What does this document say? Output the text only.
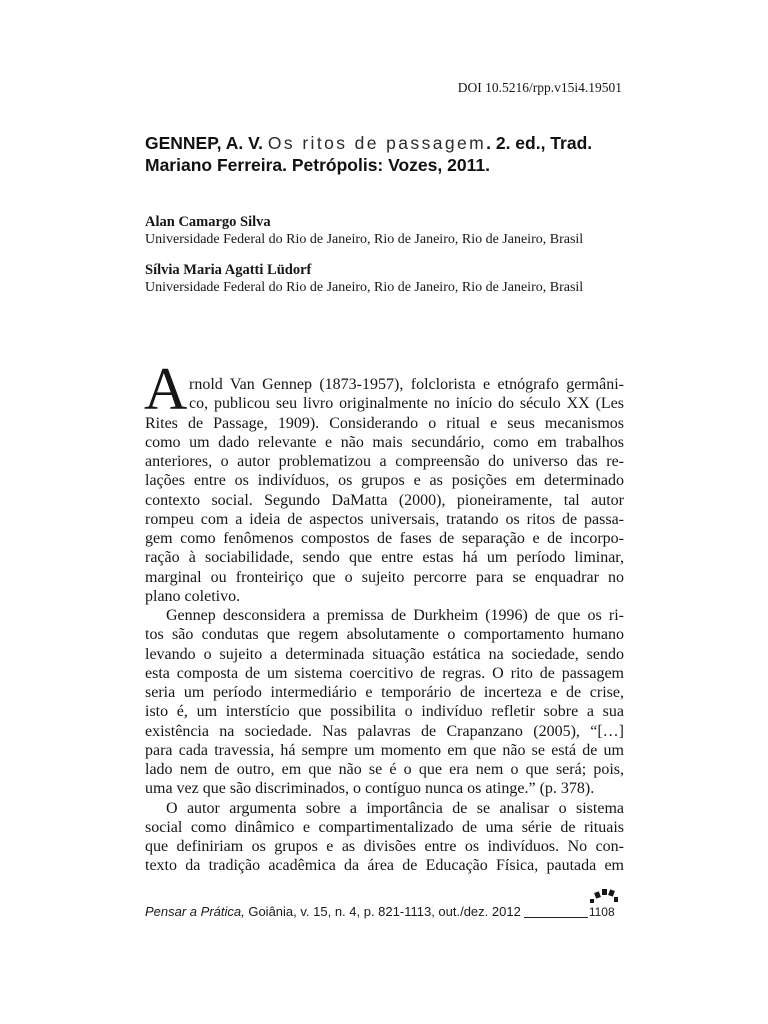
DOI 10.5216/rpp.v15i4.19501
GENNEP, A. V. Os ritos de passagem. 2. ed., Trad.
Mariano Ferreira. Petrópolis: Vozes, 2011.
Alan Camargo Silva
Universidade Federal do Rio de Janeiro, Rio de Janeiro, Rio de Janeiro, Brasil
Sílvia Maria Agatti Lüdorf
Universidade Federal do Rio de Janeiro, Rio de Janeiro, Rio de Janeiro, Brasil
A rnold Van Gennep (1873-1957), folclorista e etnógrafo germâni-
co, publicou seu livro originalmente no início do século XX (Les
Rites de Passage, 1909). Considerando o ritual e seus mecanismos
como um dado relevante e não mais secundário, como em trabalhos
anteriores, o autor problematizou a compreensão do universo das re-
lações entre os indivíduos, os grupos e as posições em determinado
contexto social. Segundo DaMatta (2000), pioneiramente, tal autor
rompeu com a ideia de aspectos universais, tratando os ritos de passa-
gem como fenômenos compostos de fases de separação e de incorpo-
ração à sociabilidade, sendo que entre estas há um período liminar,
marginal ou fronteiriço que o sujeito percorre para se enquadrar no
plano coletivo.
Gennep desconsidera a premissa de Durkheim (1996) de que os ri-
tos são condutas que regem absolutamente o comportamento humano
levando o sujeito a determinada situação estática na sociedade, sendo
esta composta de um sistema coercitivo de regras. O rito de passagem
seria um período intermediário e temporário de incerteza e de crise,
isto é, um interstício que possibilita o indivíduo refletir sobre a sua
existência na sociedade. Nas palavras de Crapanzano (2005), “[…]
para cada travessia, há sempre um momento em que não se está de um
lado nem de outro, em que não se é o que era nem o que será; pois,
uma vez que são discriminados, o contíguo nunca os atinge.” (p. 378).
O autor argumenta sobre a importância de se analisar o sistema
social como dinâmico e compartimentalizado de uma série de rituais
que definiriam os grupos e as divisões entre os indivíduos. No con-
texto da tradição acadêmica da área de Educação Física, pautada em
Pensar a Prática, Goiânia, v. 15, n. 4, p. 821-1113, out./dez. 2012	1108
